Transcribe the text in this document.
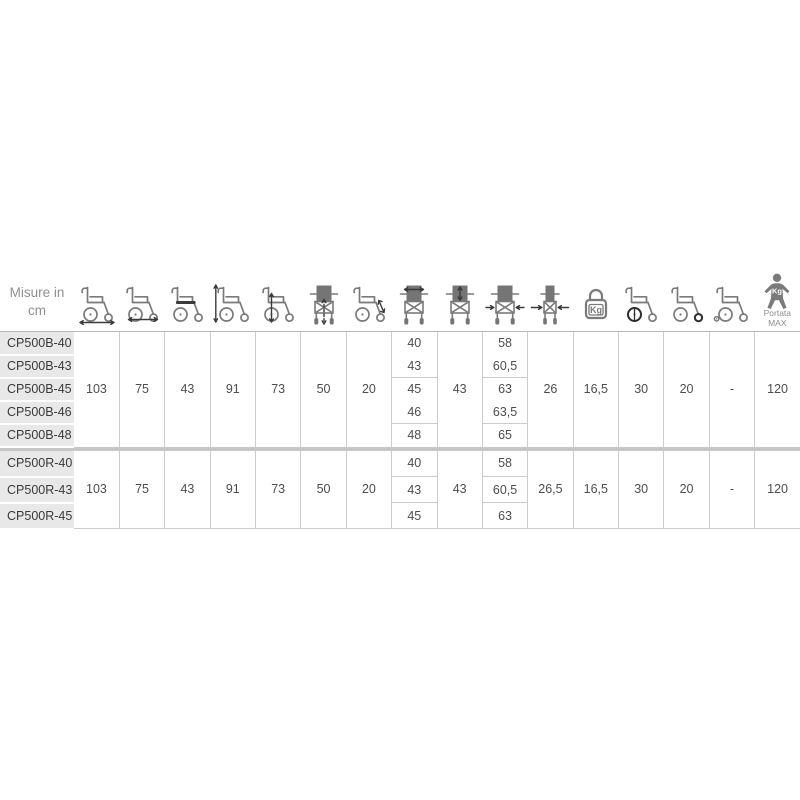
Misure in
cm												Kg

Kg
Portata
MAX

CP500B-40	103	75	43	91	73	50	20	40	43	58	26	16,5	30	20	-	120
CP500B-43								43		60,5						
CP500B-45								45		63						
CP500B-46								46		63,5						
CP500B-48								48		65						

CP500R-40	103	75	43	91	73	50	20	40	43	58	26,5	16,5	30	20	-	120
CP500R-43								43		60,5						
CP500R-45								45		63						
